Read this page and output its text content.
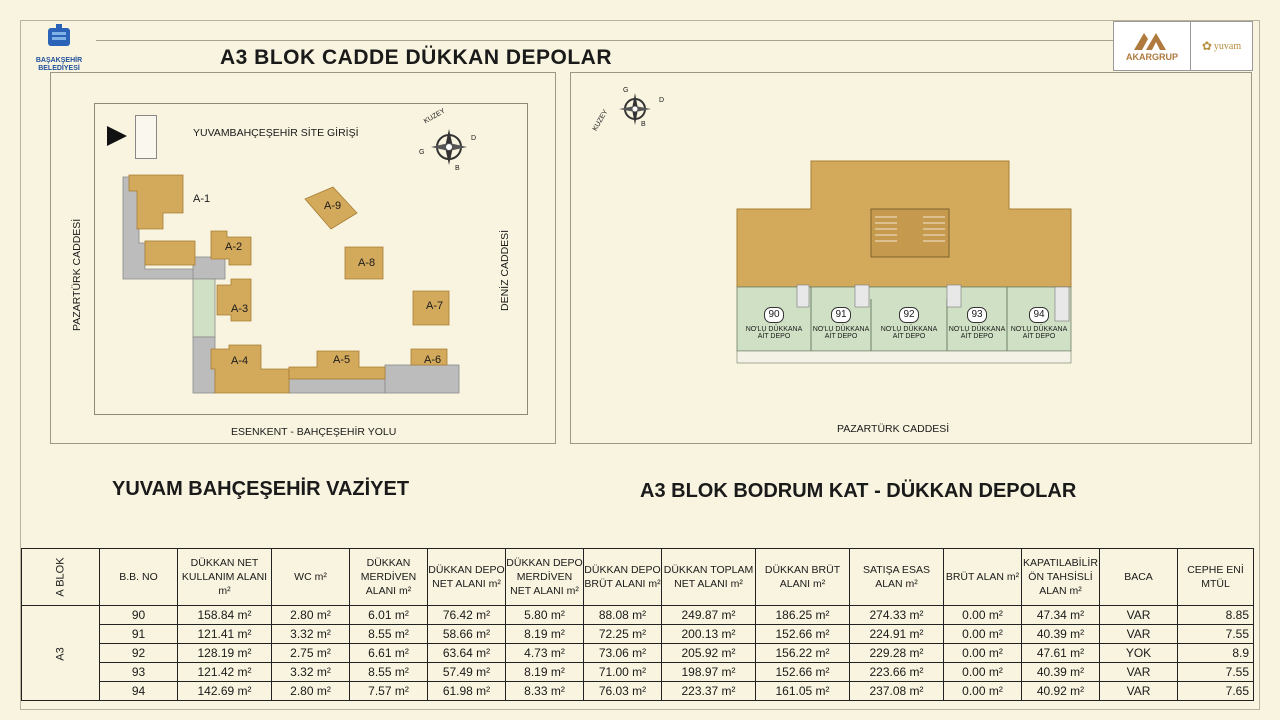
BAŞAKŞEHİR BELEDİYESİ	A3 BLOK CADDE DÜKKAN DEPOLAR	AKARGRUP
✿ yuvam
YUVAMBAHÇEŞEHİR SİTE GİRİŞİ
KUZEY
G
B
D
PAZARTÜRK CADDESİ	DENİZ CADDESİ
ESENKENT - BAHÇEŞEHİR YOLU
A-1
A-2
A-3
A-4	A-5	A-6
A-7
A-8
A-9
KUZEY
G
B
D
90
NO'LU DÜKKANA
AİT DEPO
91
NO'LU DÜKKANA
AİT DEPO
92
NO'LU DÜKKANA
AİT DEPO
93
NO'LU DÜKKANA
AİT DEPO
94
NO'LU DÜKKANA
AİT DEPO
PAZARTÜRK CADDESİ
YUVAM BAHÇEŞEHİR VAZİYET	A3 BLOK BODRUM KAT - DÜKKAN DEPOLAR
A BLOK	B.B. NO	DÜKKAN NET KULLANIM ALANI m²	WC m²	DÜKKAN MERDİVEN ALANI m²	DÜKKAN DEPO NET ALANI m²	DÜKKAN DEPO MERDİVEN NET ALANI m²	DÜKKAN DEPO BRÜT ALANI m²	DÜKKAN TOPLAM NET ALANI m²	DÜKKAN BRÜT ALANI m²	SATIŞA ESAS ALAN m²	BRÜT ALAN m²	KAPATILABİLİR ÖN TAHSİSLİ ALAN m²	BACA	CEPHE ENİ MTÜL
A3	90	158.84 m²	2.80 m²	6.01 m²	76.42 m²	5.80 m²	88.08 m²	249.87 m²	186.25 m²	274.33 m²	0.00 m²	47.34 m²	VAR	8.85
	91	121.41 m²	3.32 m²	8.55 m²	58.66 m²	8.19 m²	72.25 m²	200.13 m²	152.66 m²	224.91 m²	0.00 m²	40.39 m²	VAR	7.55
	92	128.19 m²	2.75 m²	6.61 m²	63.64 m²	4.73 m²	73.06 m²	205.92 m²	156.22 m²	229.28 m²	0.00 m²	47.61 m²	YOK	8.9
	93	121.42 m²	3.32 m²	8.55 m²	57.49 m²	8.19 m²	71.00 m²	198.97 m²	152.66 m²	223.66 m²	0.00 m²	40.39 m²	VAR	7.55
	94	142.69 m²	2.80 m²	7.57 m²	61.98 m²	8.33 m²	76.03 m²	223.37 m²	161.05 m²	237.08 m²	0.00 m²	40.92 m²	VAR	7.65
